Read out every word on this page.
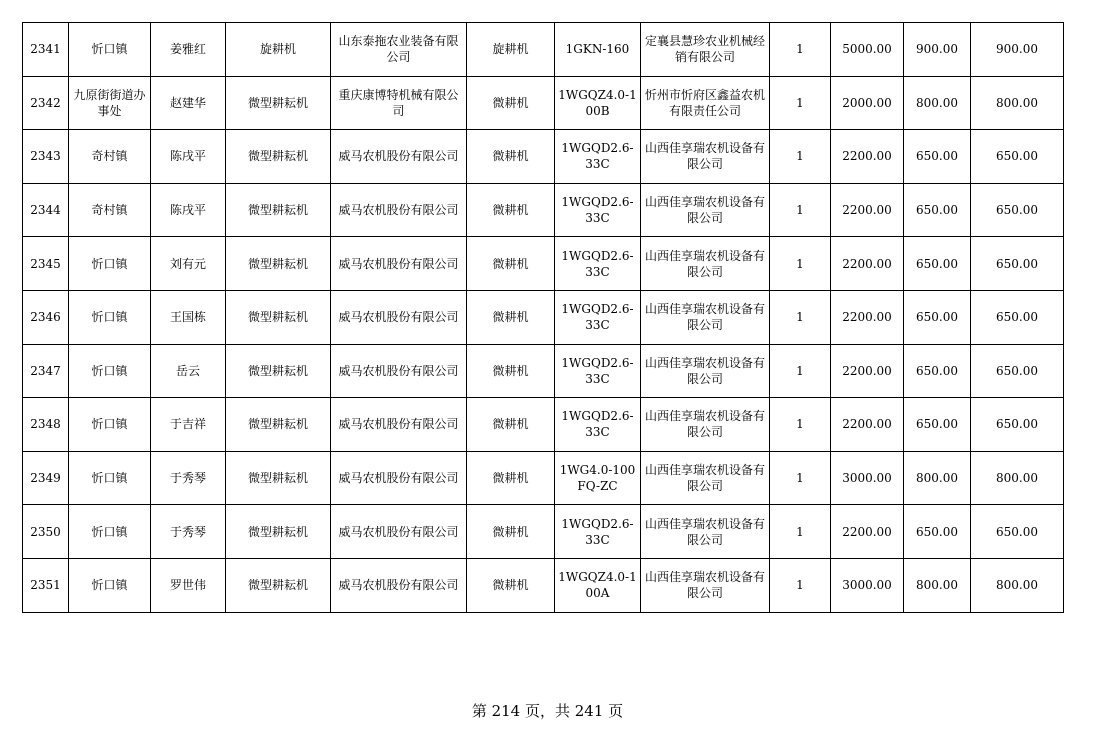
2341	忻口镇	姜雅红	旋耕机	山东泰拖农业装备有限公司	旋耕机	1GKN-160	定襄县慧珍农业机械经销有限公司	1	5000.00	900.00	900.00
2342	九原街街道办事处	赵建华	微型耕耘机	重庆康博特机械有限公司	微耕机	1WGQZ4.0-100B	忻州市忻府区鑫益农机有限责任公司	1	2000.00	800.00	800.00
2343	奇村镇	陈戌平	微型耕耘机	威马农机股份有限公司	微耕机	1WGQD2.6-33C	山西佳享瑞农机设备有限公司	1	2200.00	650.00	650.00
2344	奇村镇	陈戌平	微型耕耘机	威马农机股份有限公司	微耕机	1WGQD2.6-33C	山西佳享瑞农机设备有限公司	1	2200.00	650.00	650.00
2345	忻口镇	刘有元	微型耕耘机	威马农机股份有限公司	微耕机	1WGQD2.6-33C	山西佳享瑞农机设备有限公司	1	2200.00	650.00	650.00
2346	忻口镇	王国栋	微型耕耘机	威马农机股份有限公司	微耕机	1WGQD2.6-33C	山西佳享瑞农机设备有限公司	1	2200.00	650.00	650.00
2347	忻口镇	岳云	微型耕耘机	威马农机股份有限公司	微耕机	1WGQD2.6-33C	山西佳享瑞农机设备有限公司	1	2200.00	650.00	650.00
2348	忻口镇	于吉祥	微型耕耘机	威马农机股份有限公司	微耕机	1WGQD2.6-33C	山西佳享瑞农机设备有限公司	1	2200.00	650.00	650.00
2349	忻口镇	于秀琴	微型耕耘机	威马农机股份有限公司	微耕机	1WG4.0-100FQ-ZC	山西佳享瑞农机设备有限公司	1	3000.00	800.00	800.00
2350	忻口镇	于秀琴	微型耕耘机	威马农机股份有限公司	微耕机	1WGQD2.6-33C	山西佳享瑞农机设备有限公司	1	2200.00	650.00	650.00
2351	忻口镇	罗世伟	微型耕耘机	威马农机股份有限公司	微耕机	1WGQZ4.0-100A	山西佳享瑞农机设备有限公司	1	3000.00	800.00	800.00
第 214 页，共 241 页
